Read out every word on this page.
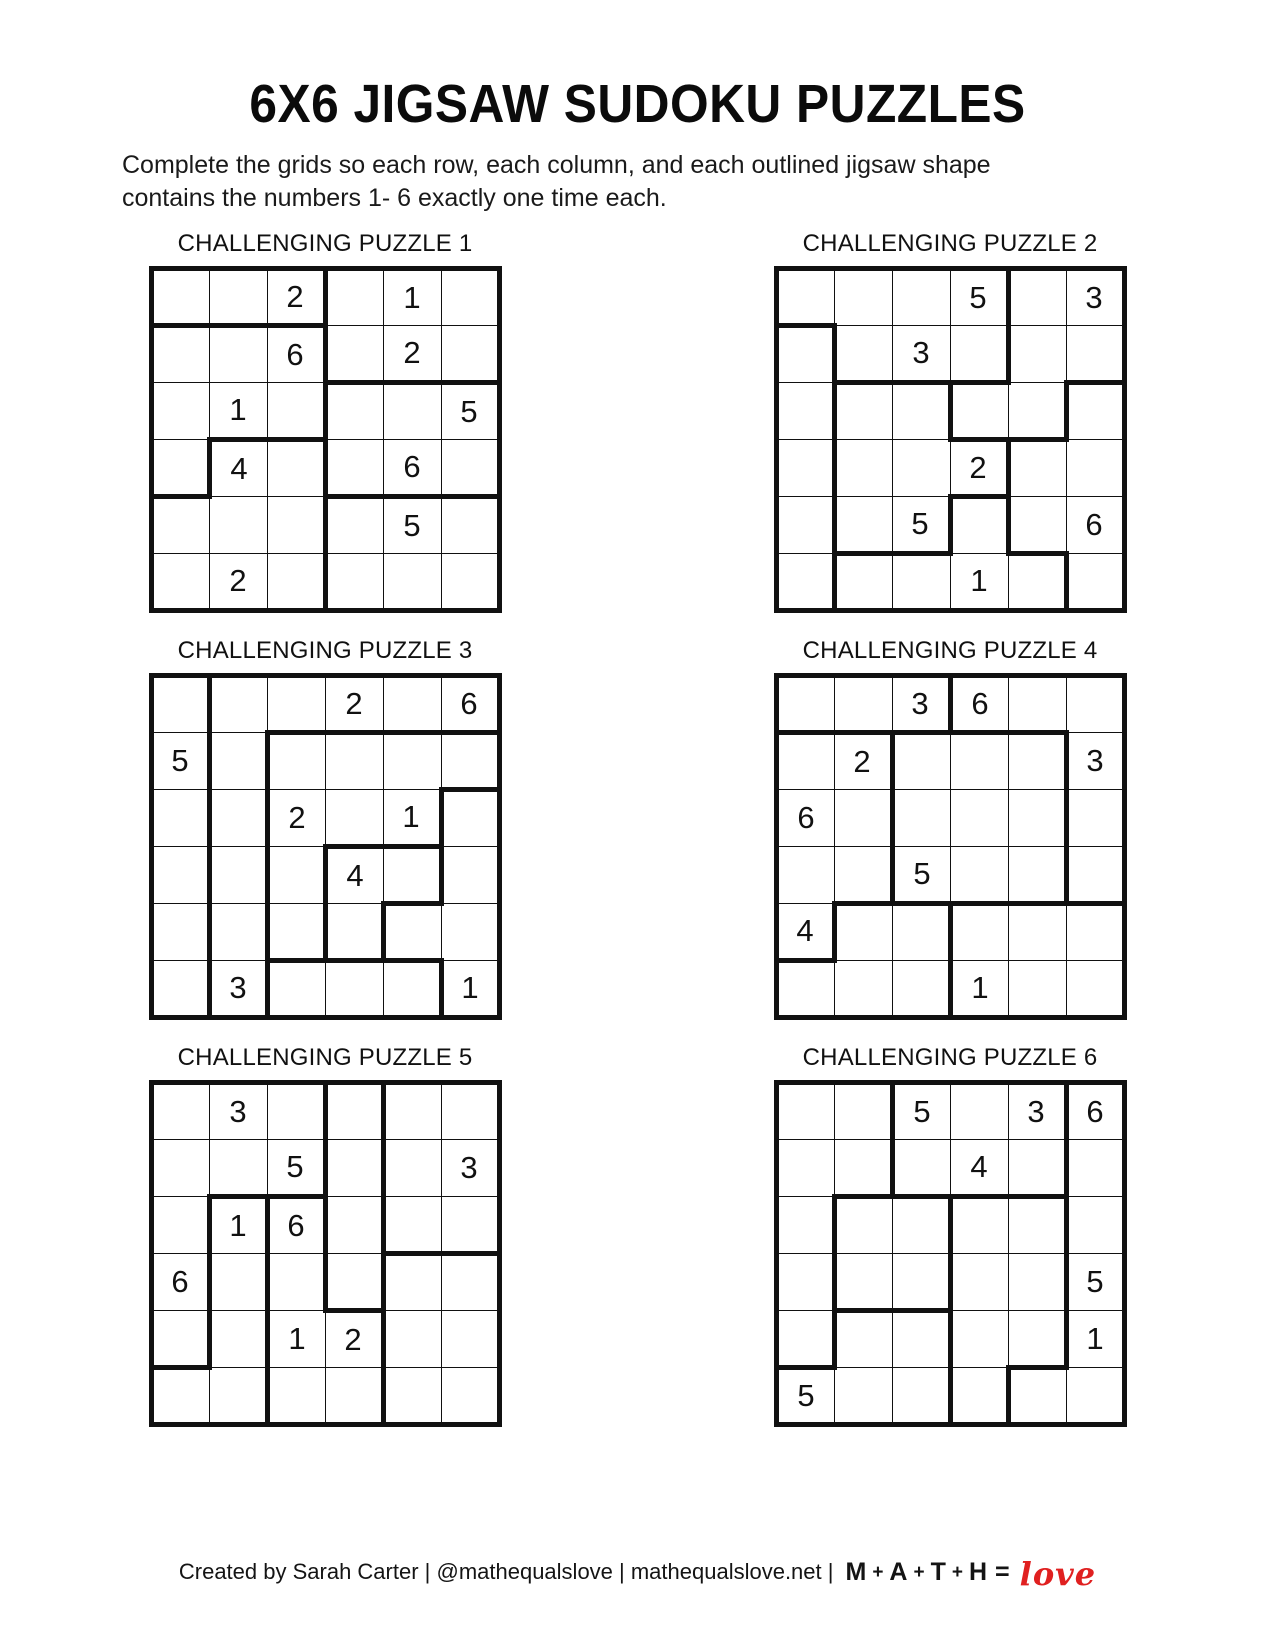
6X6 JIGSAW SUDOKU PUZZLES
Complete the grids so each row, each column, and each outlined jigsaw shape
contains the numbers 1- 6 exactly one time each.
CHALLENGING PUZZLE 1
		2		1	
		6		2	
	1				5
	4			6	
				5	
	2				
CHALLENGING PUZZLE 2
			5		3
		3			

			2		
		5			6
			1		
CHALLENGING PUZZLE 3
			2		6
5					
		2		1	
			4		

	3				1
CHALLENGING PUZZLE 4
		3	6		
	2				3
6					
		5			
4					
			1		
CHALLENGING PUZZLE 5
	3				
		5			3
	1	6			
6					
		1	2		

CHALLENGING PUZZLE 6
		5		3	6
			4		

					5
					1
5					
Created by Sarah Carter | @mathequalslove | mathequalslove.net | M + A + T + H = love
